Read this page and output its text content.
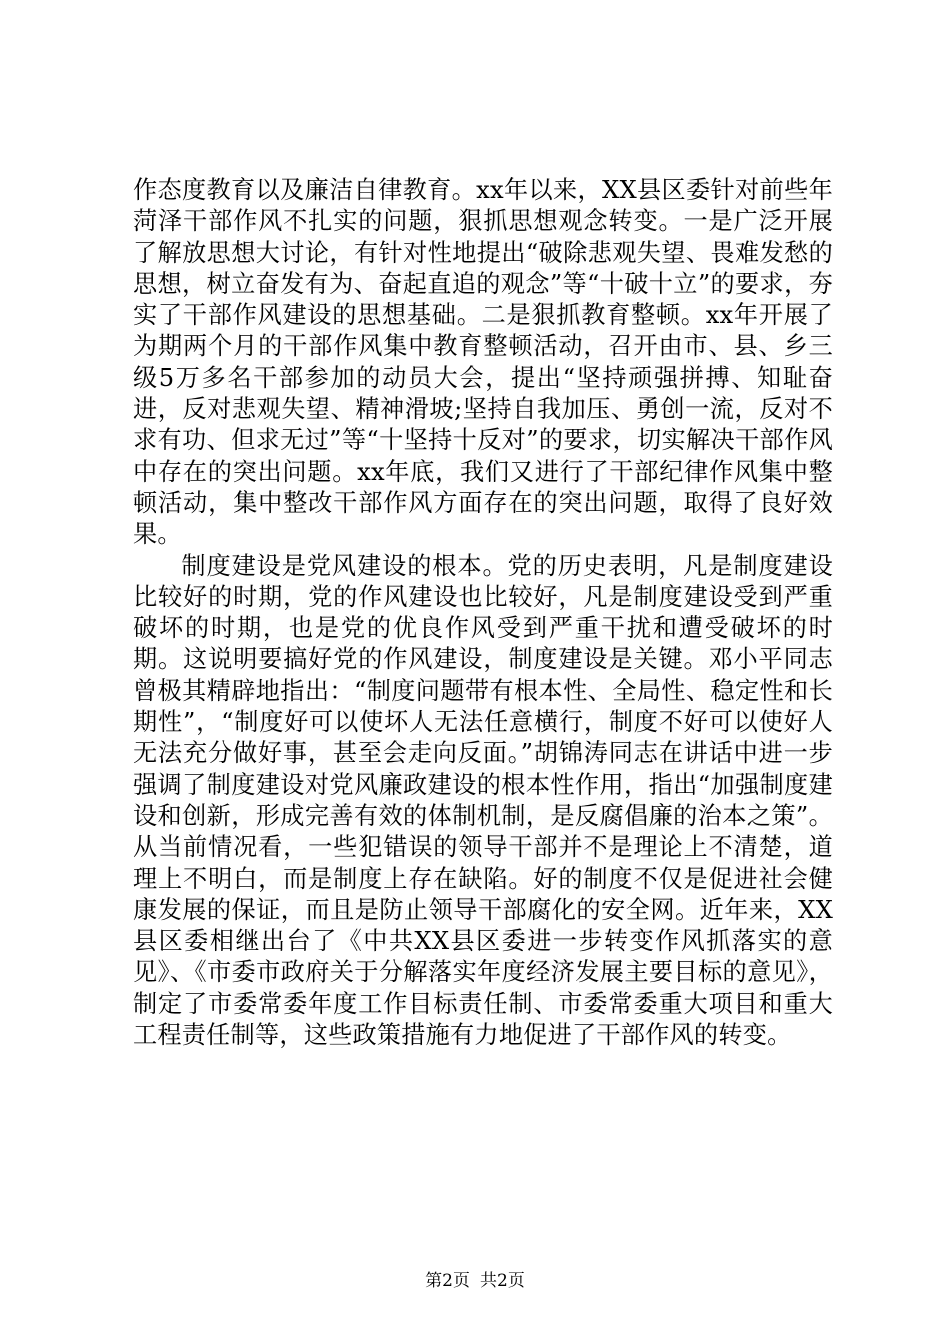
作态度教育以及廉洁自律教育。xx年以来，XX县区委针对前些年菏泽干部作风不扎实的问题，狠抓思想观念转变。一是广泛开展了解放思想大讨论，有针对性地提出“破除悲观失望、畏难发愁的思想，树立奋发有为、奋起直追的观念”等“十破十立”的要求，夯实了干部作风建设的思想基础。二是狠抓教育整顿。xx年开展了为期两个月的干部作风集中教育整顿活动，召开由市、县、乡三级5万多名干部参加的动员大会，提出“坚持顽强拼搏、知耻奋进，反对悲观失望、精神滑坡;坚持自我加压、勇创一流，反对不求有功、但求无过”等“十坚持十反对”的要求，切实解决干部作风中存在的突出问题。xx年底，我们又进行了干部纪律作风集中整顿活动，集中整改干部作风方面存在的突出问题，取得了良好效果。

制度建设是党风建设的根本。党的历史表明，凡是制度建设比较好的时期，党的作风建设也比较好，凡是制度建设受到严重破坏的时期，也是党的优良作风受到严重干扰和遭受破坏的时期。这说明要搞好党的作风建设，制度建设是关键。邓小平同志曾极其精辟地指出：“制度问题带有根本性、全局性、稳定性和长期性”，“制度好可以使坏人无法任意横行，制度不好可以使好人无法充分做好事，甚至会走向反面。”胡锦涛同志在讲话中进一步强调了制度建设对党风廉政建设的根本性作用，指出“加强制度建设和创新，形成完善有效的体制机制，是反腐倡廉的治本之策”。从当前情况看，一些犯错误的领导干部并不是理论上不清楚，道理上不明白，而是制度上存在缺陷。好的制度不仅是促进社会健康发展的保证，而且是防止领导干部腐化的安全网。近年来，XX县区委相继出台了《中共XX县区委进一步转变作风抓落实的意见》、《市委市政府关于分解落实年度经济发展主要目标的意见》，制定了市委常委年度工作目标责任制、市委常委重大项目和重大工程责任制等，这些政策措施有力地促进了干部作风的转变。

第2页 共2页
